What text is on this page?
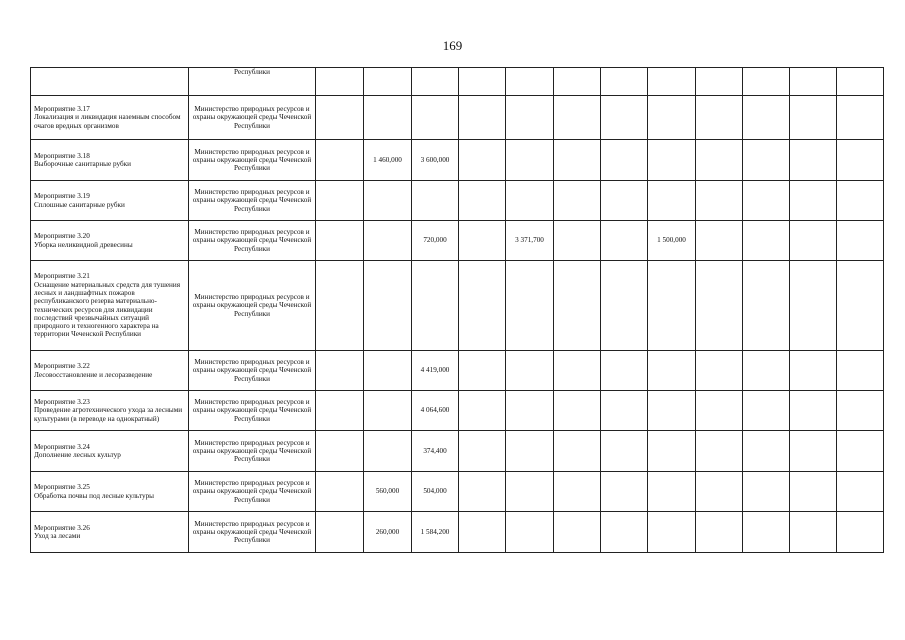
169

	Республики												

Мероприятие 3.17
Локализация и ликвидация наземным способом очагов вредных организмов	Министерство природных ресурсов и охраны окружающей среды Чеченской Республики												

Мероприятие 3.18
Выборочные санитарные рубки	Министерство природных ресурсов и охраны окружающей среды Чеченской Республики		1 460,000	3 600,000									

Мероприятие 3.19
Сплошные санитарные рубки	Министерство природных ресурсов и охраны окружающей среды Чеченской Республики												

Мероприятие 3.20
Уборка неликвидной древесины	Министерство природных ресурсов и охраны окружающей среды Чеченской Республики			720,000		3 371,700			1 500,000				

Мероприятие 3.21
Оснащение материальных средств для тушения лесных и ландшафтных пожаров республиканского резерва материально-технических ресурсов для ликвидации последствий чрезвычайных ситуаций природного и техногенного характера на территории Чеченской Республики	Министерство природных ресурсов и охраны окружающей среды Чеченской Республики												

Мероприятие 3.22
Лесовосстановление и лесоразведение	Министерство природных ресурсов и охраны окружающей среды Чеченской Республики			4 419,000									

Мероприятие 3.23
Проведение агротехнического ухода за лесными культурами (в переводе на однократный)	Министерство природных ресурсов и охраны окружающей среды Чеченской Республики			4 064,600									

Мероприятие 3.24
Дополнение лесных культур	Министерство природных ресурсов и охраны окружающей среды Чеченской Республики			374,400									

Мероприятие 3.25
Обработка почвы под лесные культуры	Министерство природных ресурсов и охраны окружающей среды Чеченской Республики		560,000	504,000									

Мероприятие 3.26
Уход за лесами	Министерство природных ресурсов и охраны окружающей среды Чеченской Республики		260,000	1 584,200									
